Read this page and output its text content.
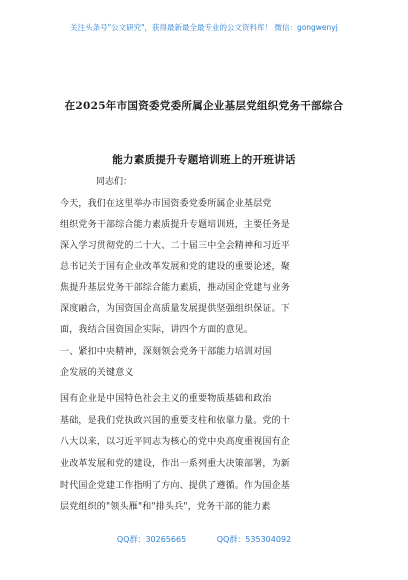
关注头条号"公文研究"，获得最新最全最专业的公文资料库！ 微信：gongwenyj
在2025年市国资委党委所属企业基层党组织党务干部综合
能力素质提升专题培训班上的开班讲话
同志们：
今天，我们在这里举办市国资委党委所属企业基层党
组织党务干部综合能力素质提升专题培训班，主要任务是
深入学习贯彻党的二十大、二十届三中全会精神和习近平
总书记关于国有企业改革发展和党的建设的重要论述，聚
焦提升基层党务干部综合能力素质，推动国企党建与业务
深度融合，为国资国企高质量发展提供坚强组织保证。下
面，我结合国资国企实际，讲四个方面的意见。
一、紧扣中央精神，深刻领会党务干部能力培训对国
企发展的关键意义
国有企业是中国特色社会主义的重要物质基础和政治
基础，是我们党执政兴国的重要支柱和依靠力量。党的十
八大以来，以习近平同志为核心的党中央高度重视国有企
业改革发展和党的建设，作出一系列重大决策部署，为新
时代国企党建工作指明了方向、提供了遵循。作为国企基
层党组织的"领头雁"和"排头兵"，党务干部的能力素
QQ群：30265665	QQ群：535304092
